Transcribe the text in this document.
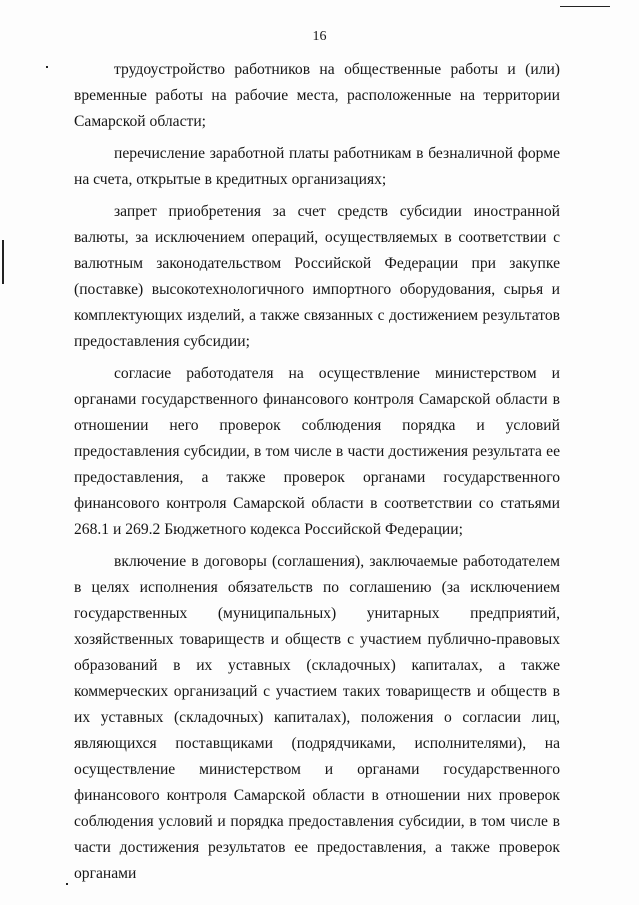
16

трудоустройство работников на общественные работы и (или) временные работы на рабочие места, расположенные на территории Самарской области;

перечисление заработной платы работникам в безналичной форме на счета, открытые в кредитных организациях;

запрет приобретения за счет средств субсидии иностранной валюты, за исключением операций, осуществляемых в соответствии с валютным законодательством Российской Федерации при закупке (поставке) высокотехнологичного импортного оборудования, сырья и комплектующих изделий, а также связанных с достижением результатов предоставления субсидии;

согласие работодателя на осуществление министерством и органами государственного финансового контроля Самарской области в отношении него проверок соблюдения порядка и условий предоставления субсидии, в том числе в части достижения результата ее предоставления, а также проверок органами государственного финансового контроля Самарской области в соответствии со статьями 268.1 и 269.2 Бюджетного кодекса Российской Федерации;

включение в договоры (соглашения), заключаемые работодателем в целях исполнения обязательств по соглашению (за исключением государственных (муниципальных) унитарных предприятий, хозяйственных товариществ и обществ с участием публично-правовых образований в их уставных (складочных) капиталах, а также коммерческих организаций с участием таких товариществ и обществ в их уставных (складочных) капиталах), положения о согласии лиц, являющихся поставщиками (подрядчиками, исполнителями), на осуществление министерством и органами государственного финансового контроля Самарской области в отношении них проверок соблюдения условий и порядка предоставления субсидии, в том числе в части достижения результатов ее предоставления, а также проверок органами
